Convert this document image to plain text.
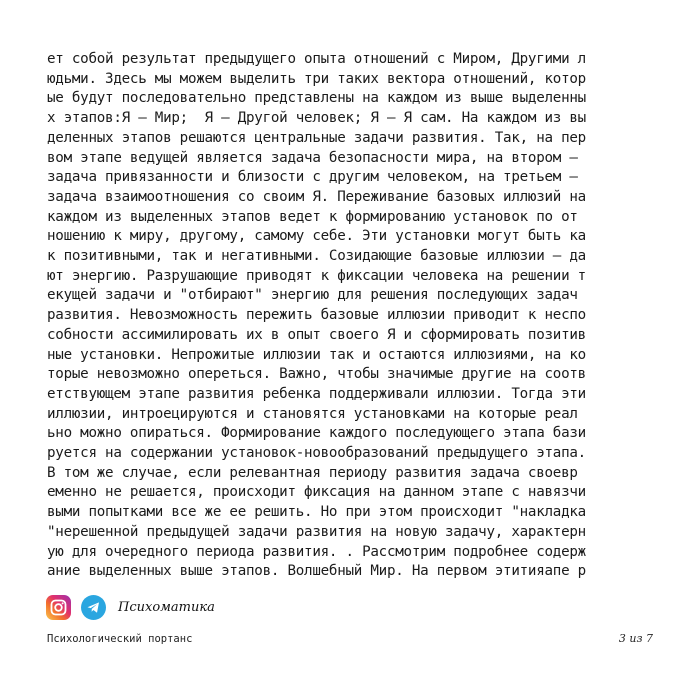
ет собой результат предыдущего опыта отношений с Миром, Другими л
юдьми. Здесь мы можем выделить три таких вектора отношений, котор
ые будут последовательно представлены на каждом из выше выделенны
х этапов:Я – Мир;  Я – Другой человек; Я – Я сам. На каждом из вы
деленных этапов решаются центральные задачи развития. Так, на пер
вом этапе ведущей является задача безопасности мира, на втором –
задача привязанности и близости с другим человеком, на третьем –
задача взаимоотношения со своим Я. Переживание базовых иллюзий на
каждом из выделенных этапов ведет к формированию установок по от
ношению к миру, другому, самому себе. Эти установки могут быть ка
к позитивными, так и негативными. Созидающие базовые иллюзии – да
ют энергию. Разрушающие приводят к фиксации человека на решении т
екущей задачи и "отбирают" энергию для решения последующих задач
развития. Невозможность пережить базовые иллюзии приводит к неспо
собности ассимилировать их в опыт своего Я и сформировать позитив
ные установки. Непрожитые иллюзии так и остаются иллюзиями, на ко
торые невозможно опереться. Важно, чтобы значимые другие на соотв
етствующем этапе развития ребенка поддерживали иллюзии. Тогда эти
иллюзии, интроецируются и становятся установками на которые реал
ьно можно опираться. Формирование каждого последующего этапа бази
руется на содержании установок-новообразований предыдущего этапа.
В том же случае, если релевантная периоду развития задача своевр
еменно не решается, происходит фиксация на данном этапе с навязчи
выми попытками все же ее решить. Но при этом происходит "накладка
"нерешенной предыдущей задачи развития на новую задачу, характерн
ую для очередного периода развития. . Рассмотрим подробнее содерж
ание выделенных выше этапов. Волшебный Мир. На первом этитияапе р
Психоматика
Психологический портанс	3 из 7
